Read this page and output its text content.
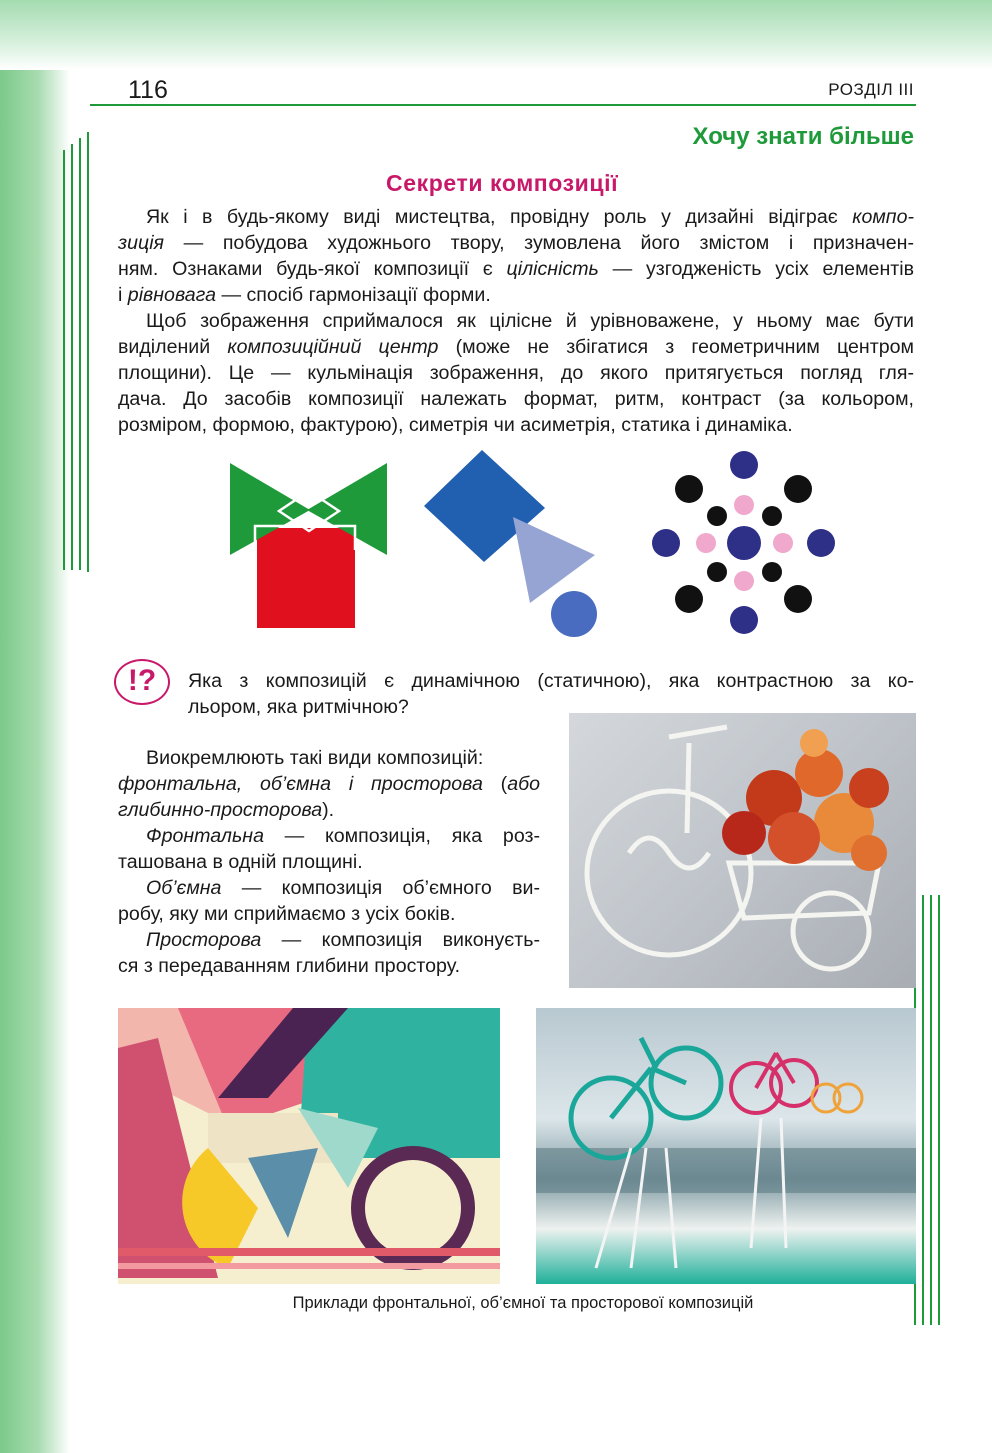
116	РОЗДІЛ III
Хочу знати більше
Секрети композиції
Як і в будь-якому виді мистецтва, провідну роль у дизайні відіграє компо-
зиція — побудова художнього твору, зумовлена його змістом і призначен-
ням. Ознаками будь-якої композиції є цілісність — узгодженість усіх елементів
і рівновага — спосіб гармонізації форми.
Щоб зображення сприймалося як цілісне й урівноважене, у ньому має бути
виділений композиційний центр (може не збігатися з геометричним центром
площини). Це — кульмінація зображення, до якого притягується погляд гля-
дача. До засобів композиції належать формат, ритм, контраст (за кольором,
розміром, формою, фактурою), симетрія чи асиметрія, статика і динаміка.
!?	Яка з композицій є динамічною (статичною), яка контрастною за ко-
льором, яка ритмічною?
Виокремлюють такі види композицій:
фронтальна, об’ємна і просторова (або
глибинно-просторова).
Фронтальна — композиція, яка роз-
ташована в одній площині.
Об’ємна — композиція об’ємного ви-
робу, яку ми сприймаємо з усіх боків.
Просторова — композиція виконуєть-
ся з передаванням глибини простору.
Приклади фронтальної, об’ємної та просторової композицій
